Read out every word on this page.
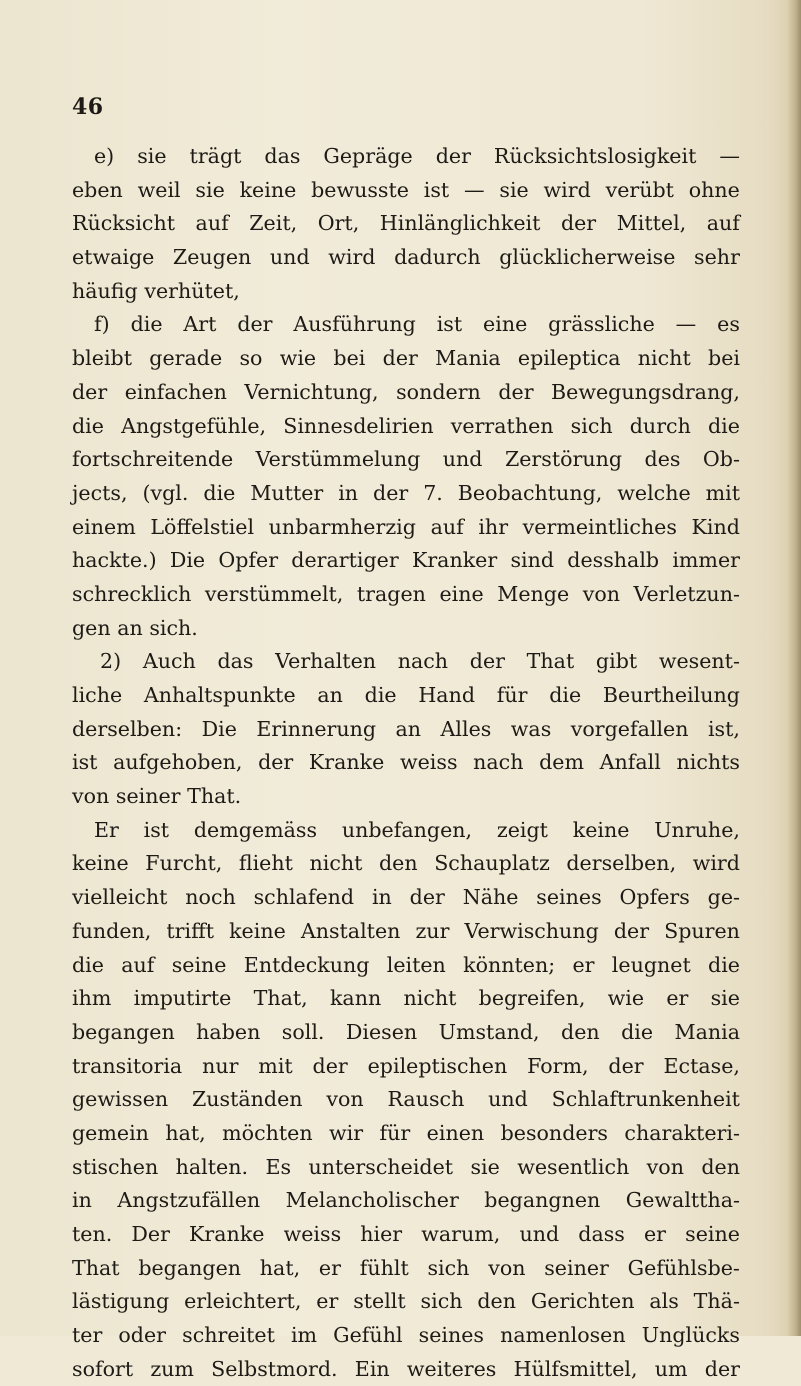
46
e) sie trägt das Gepräge der Rücksichtslosigkeit —
eben weil sie keine bewusste ist — sie wird verübt ohne
Rücksicht auf Zeit, Ort, Hinlänglichkeit der Mittel, auf
etwaige Zeugen und wird dadurch glücklicherweise sehr
häufig verhütet,
f) die Art der Ausführung ist eine grässliche — es
bleibt gerade so wie bei der Mania epileptica nicht bei
der einfachen Vernichtung, sondern der Bewegungsdrang,
die Angstgefühle, Sinnesdelirien verrathen sich durch die
fortschreitende Verstümmelung und Zerstörung des Ob-
jects, (vgl. die Mutter in der 7. Beobachtung, welche mit
einem Löffelstiel unbarmherzig auf ihr vermeintliches Kind
hackte.) Die Opfer derartiger Kranker sind desshalb immer
schrecklich verstümmelt, tragen eine Menge von Verletzun-
gen an sich.
2) Auch das Verhalten nach der That gibt wesent-
liche Anhaltspunkte an die Hand für die Beurtheilung
derselben: Die Erinnerung an Alles was vorgefallen ist,
ist aufgehoben, der Kranke weiss nach dem Anfall nichts
von seiner That.
Er ist demgemäss unbefangen, zeigt keine Unruhe,
keine Furcht, flieht nicht den Schauplatz derselben, wird
vielleicht noch schlafend in der Nähe seines Opfers ge-
funden, trifft keine Anstalten zur Verwischung der Spuren
die auf seine Entdeckung leiten könnten; er leugnet die
ihm imputirte That, kann nicht begreifen, wie er sie
begangen haben soll. Diesen Umstand, den die Mania
transitoria nur mit der epileptischen Form, der Ectase,
gewissen Zuständen von Rausch und Schlaftrunkenheit
gemein hat, möchten wir für einen besonders charakteri-
stischen halten. Es unterscheidet sie wesentlich von den
in Angstzufällen Melancholischer begangnen Gewalttha-
ten. Der Kranke weiss hier warum, und dass er seine
That begangen hat, er fühlt sich von seiner Gefühlsbe-
lästigung erleichtert, er stellt sich den Gerichten als Thä-
ter oder schreitet im Gefühl seines namenlosen Unglücks
sofort zum Selbstmord. Ein weiteres Hülfsmittel, um der
